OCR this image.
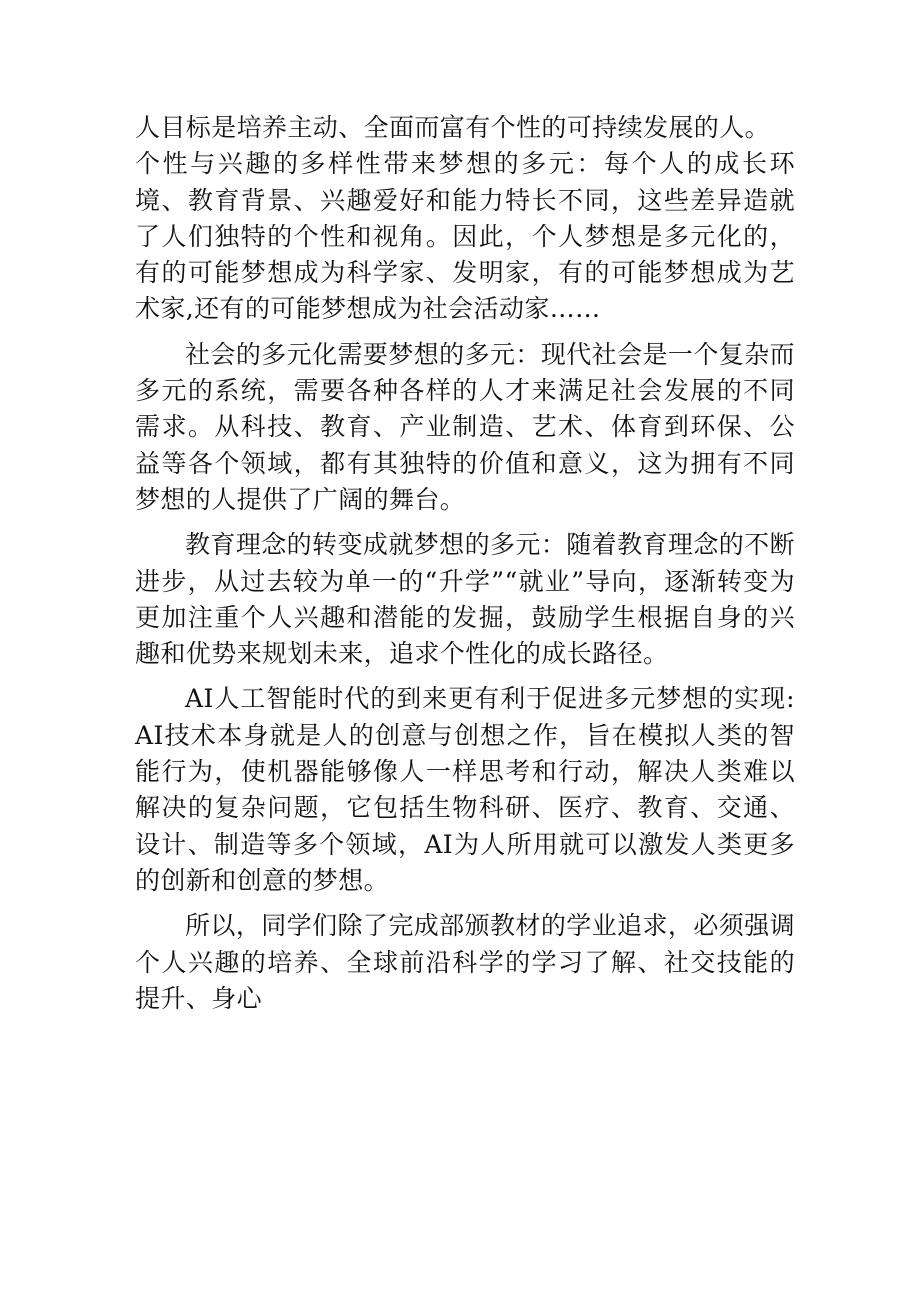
人目标是培养主动、全面而富有个性的可持续发展的人。

个性与兴趣的多样性带来梦想的多元：每个人的成长环境、教育背景、兴趣爱好和能力特长不同，这些差异造就了人们独特的个性和视角。因此，个人梦想是多元化的，有的可能梦想成为科学家、发明家，有的可能梦想成为艺术家,还有的可能梦想成为社会活动家……

社会的多元化需要梦想的多元：现代社会是一个复杂而多元的系统，需要各种各样的人才来满足社会发展的不同需求。从科技、教育、产业制造、艺术、体育到环保、公益等各个领域，都有其独特的价值和意义，这为拥有不同梦想的人提供了广阔的舞台。

教育理念的转变成就梦想的多元：随着教育理念的不断进步，从过去较为单一的“升学”“就业”导向，逐渐转变为更加注重个人兴趣和潜能的发掘，鼓励学生根据自身的兴趣和优势来规划未来，追求个性化的成长路径。

AI人工智能时代的到来更有利于促进多元梦想的实现:AI技术本身就是人的创意与创想之作，旨在模拟人类的智能行为，使机器能够像人一样思考和行动，解决人类难以解决的复杂问题，它包括生物科研、医疗、教育、交通、设计、制造等多个领域，AI为人所用就可以激发人类更多的创新和创意的梦想。

所以，同学们除了完成部颁教材的学业追求，必须强调个人兴趣的培养、全球前沿科学的学习了解、社交技能的提升、身心
